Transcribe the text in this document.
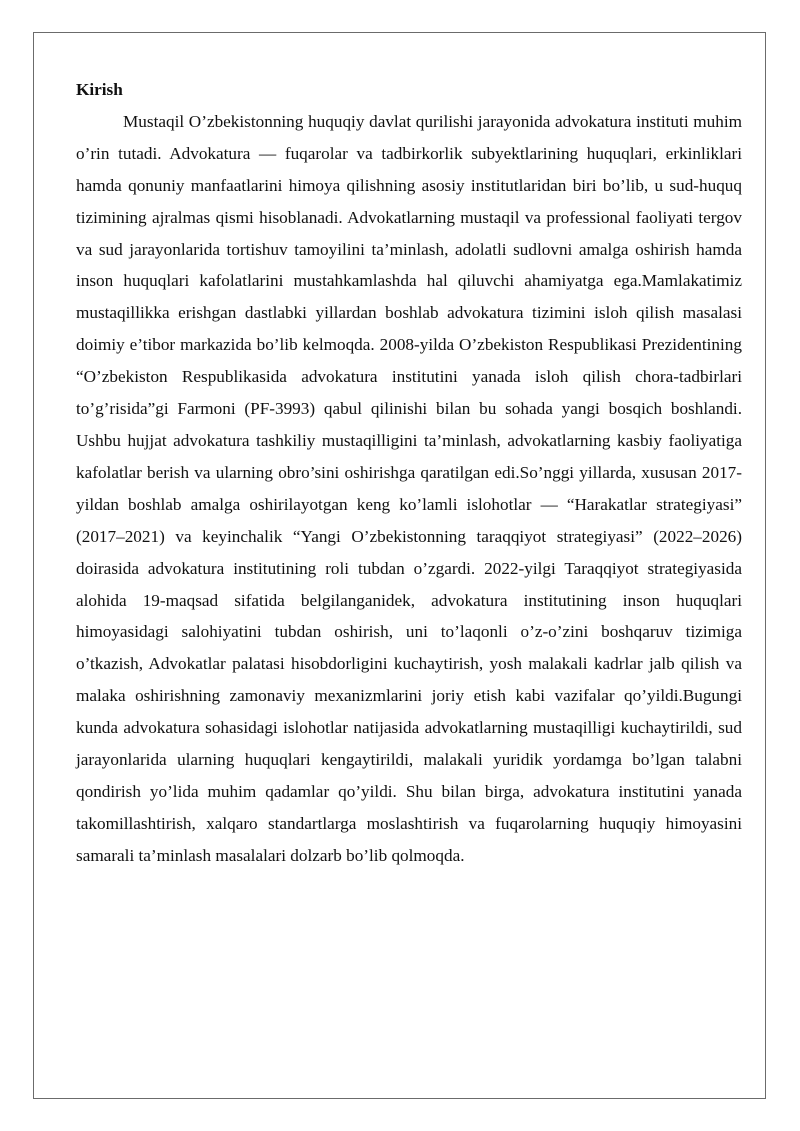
Kirish

Mustaqil O’zbekistonning huquqiy davlat qurilishi jarayonida advokatura instituti muhim o’rin tutadi. Advokatura — fuqarolar va tadbirkorlik subyektlarining huquqlari, erkinliklari hamda qonuniy manfaatlarini himoya qilishning asosiy institutlaridan biri bo’lib, u sud-huquq tizimining ajralmas qismi hisoblanadi. Advokatlarning mustaqil va professional faoliyati tergov va sud jarayonlarida tortishuv tamoyilini ta’minlash, adolatli sudlovni amalga oshirish hamda inson huquqlari kafolatlarini mustahkamlashda hal qiluvchi ahamiyatga ega.Mamlakatimiz mustaqillikka erishgan dastlabki yillardan boshlab advokatura tizimini isloh qilish masalasi doimiy e’tibor markazida bo’lib kelmoqda. 2008-yilda O’zbekiston Respublikasi Prezidentining “O’zbekiston Respublikasida advokatura institutini yanada isloh qilish chora-tadbirlari to’g’risida”gi Farmoni (PF-3993) qabul qilinishi bilan bu sohada yangi bosqich boshlandi. Ushbu hujjat advokatura tashkiliy mustaqilligini ta’minlash, advokatlarning kasbiy faoliyatiga kafolatlar berish va ularning obro’sini oshirishga qaratilgan edi.So’nggi yillarda, xususan 2017-yildan boshlab amalga oshirilayotgan keng ko’lamli islohotlar — “Harakatlar strategiyasi” (2017–2021) va keyinchalik “Yangi O’zbekistonning taraqqiyot strategiyasi” (2022–2026) doirasida advokatura institutining roli tubdan o’zgardi. 2022-yilgi Taraqqiyot strategiyasida alohida 19-maqsad sifatida belgilanganidek, advokatura institutining inson huquqlari himoyasidagi salohiyatini tubdan oshirish, uni to’laqonli o’z-o’zini boshqaruv tizimiga o’tkazish, Advokatlar palatasi hisobdorligini kuchaytirish, yosh malakali kadrlar jalb qilish va malaka oshirishning zamonaviy mexanizmlarini joriy etish kabi vazifalar qo’yildi.Bugungi kunda advokatura sohasidagi islohotlar natijasida advokatlarning mustaqilligi kuchaytirildi, sud jarayonlarida ularning huquqlari kengaytirildi, malakali yuridik yordamga bo’lgan talabni qondirish yo’lida muhim qadamlar qo’yildi. Shu bilan birga, advokatura institutini yanada takomillashtirish, xalqaro standartlarga moslashtirish va fuqarolarning huquqiy himoyasini samarali ta’minlash masalalari dolzarb bo’lib qolmoqda.
